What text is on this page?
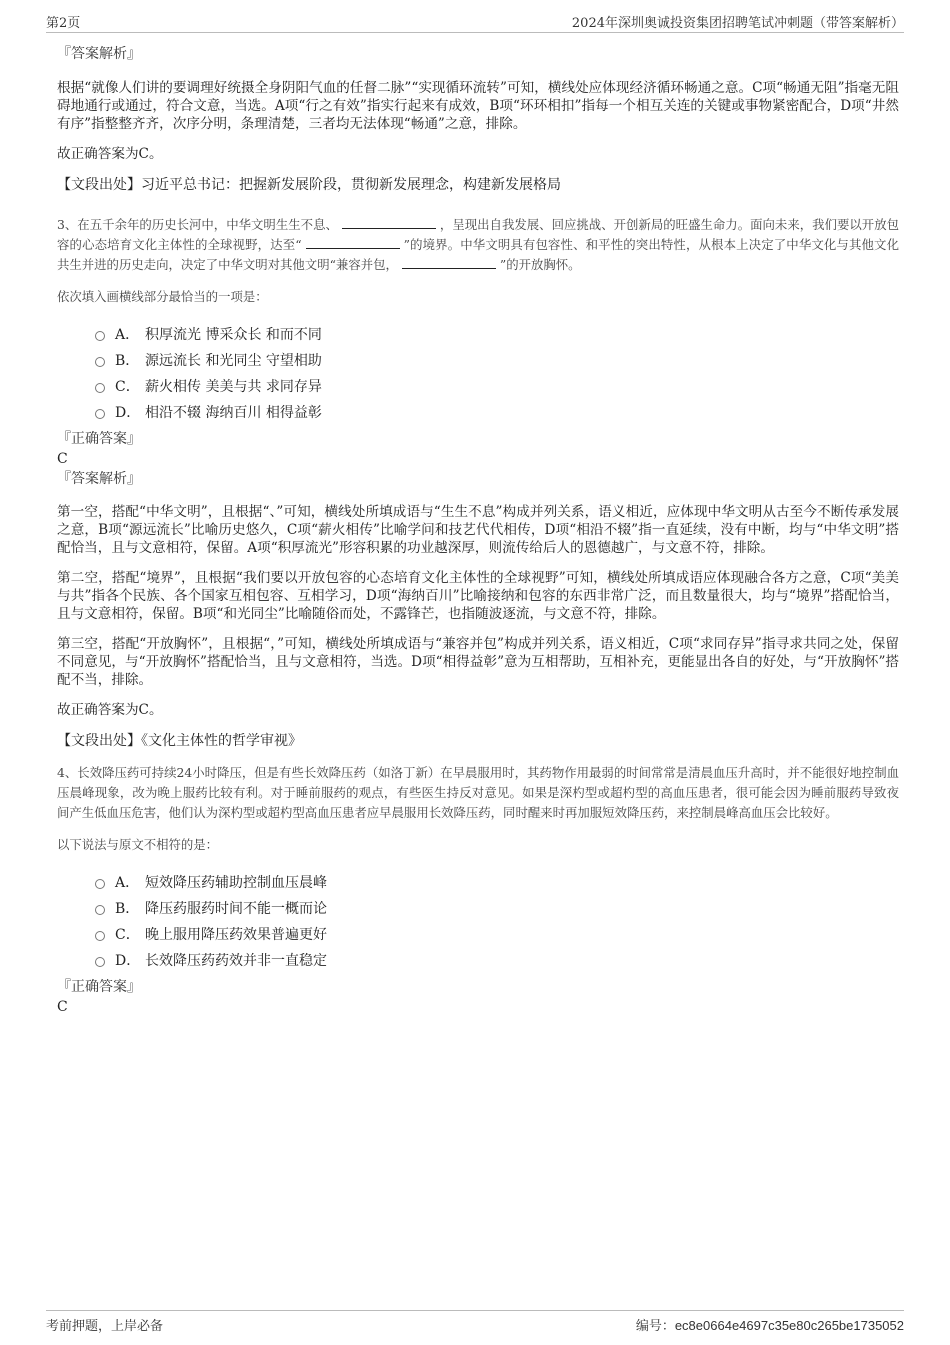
第2页	2024年深圳奥诚投资集团招聘笔试冲刺题（带答案解析）
『答案解析』

根据“就像人们讲的要调理好统摄全身阴阳气血的任督二脉”“实现循环流转”可知，横线处应体现经济循环畅通之意。C项“畅通无阻”指毫无阻碍地通行或通过，符合文意，当选。A项“行之有效”指实行起来有成效，B项“环环相扣”指每一个相互关连的关键或事物紧密配合，D项“井然有序”指整整齐齐，次序分明，条理清楚，三者均无法体现“畅通”之意，排除。

故正确答案为C。

【文段出处】习近平总书记：把握新发展阶段，贯彻新发展理念，构建新发展格局

3、在五千余年的历史长河中，中华文明生生不息、	，呈现出自我发展、回应挑战、开创新局的旺盛生命力。面向未来，我们要以开放包容的心态培育文化主体性的全球视野，达至“	”的境界。中华文明具有包容性、和平性的突出特性，从根本上决定了中华文化与其他文化共生并进的历史走向，决定了中华文明对其他文明“兼容并包，	”的开放胸怀。

依次填入画横线部分最恰当的一项是：

A． 积厚流光 博采众长 和而不同
B． 源远流长 和光同尘 守望相助
C． 薪火相传 美美与共 求同存异
D． 相沿不辍 海纳百川 相得益彰
『正确答案』
C
『答案解析』

第一空，搭配“中华文明”，且根据“、”可知，横线处所填成语与“生生不息”构成并列关系，语义相近，应体现中华文明从古至今不断传承发展之意，B项“源远流长”比喻历史悠久，C项“薪火相传”比喻学问和技艺代代相传，D项“相沿不辍”指一直延续，没有中断，均与“中华文明”搭配恰当，且与文意相符，保留。A项“积厚流光”形容积累的功业越深厚，则流传给后人的恩德越广，与文意不符，排除。

第二空，搭配“境界”，且根据“我们要以开放包容的心态培育文化主体性的全球视野”可知，横线处所填成语应体现融合各方之意，C项“美美与共”指各个民族、各个国家互相包容、互相学习，D项“海纳百川”比喻接纳和包容的东西非常广泛，而且数量很大，均与“境界”搭配恰当，且与文意相符，保留。B项“和光同尘”比喻随俗而处，不露锋芒，也指随波逐流，与文意不符，排除。

第三空，搭配“开放胸怀”，且根据“，”可知，横线处所填成语与“兼容并包”构成并列关系，语义相近，C项“求同存异”指寻求共同之处，保留不同意见，与“开放胸怀”搭配恰当，且与文意相符，当选。D项“相得益彰”意为互相帮助，互相补充，更能显出各自的好处，与“开放胸怀”搭配不当，排除。

故正确答案为C。

【文段出处】《文化主体性的哲学审视》

4、长效降压药可持续24小时降压，但是有些长效降压药（如洛丁新）在早晨服用时，其药物作用最弱的时间常常是清晨血压升高时，并不能很好地控制血压晨峰现象，改为晚上服药比较有利。对于睡前服药的观点，有些医生持反对意见。如果是深杓型或超杓型的高血压患者，很可能会因为睡前服药导致夜间产生低血压危害，他们认为深杓型或超杓型高血压患者应早晨服用长效降压药，同时醒来时再加服短效降压药，来控制晨峰高血压会比较好。

以下说法与原文不相符的是：

A． 短效降压药辅助控制血压晨峰
B． 降压药服药时间不能一概而论
C． 晚上服用降压药效果普遍更好
D． 长效降压药药效并非一直稳定
『正确答案』
C
考前押题，上岸必备	编号：ec8e0664e4697c35e80c265be1735052
